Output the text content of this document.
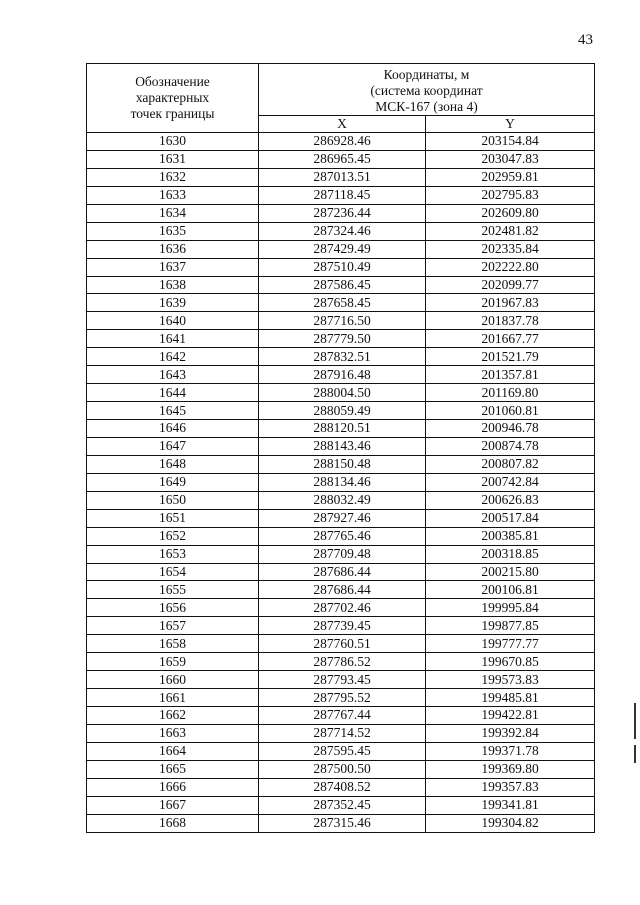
43
Обозначение
характерных
точек границы	Координаты, м
(система координат
МСК-167 (зона 4)	
	X	Y
1630	286928.46	203154.84
1631	286965.45	203047.83
1632	287013.51	202959.81
1633	287118.45	202795.83
1634	287236.44	202609.80
1635	287324.46	202481.82
1636	287429.49	202335.84
1637	287510.49	202222.80
1638	287586.45	202099.77
1639	287658.45	201967.83
1640	287716.50	201837.78
1641	287779.50	201667.77
1642	287832.51	201521.79
1643	287916.48	201357.81
1644	288004.50	201169.80
1645	288059.49	201060.81
1646	288120.51	200946.78
1647	288143.46	200874.78
1648	288150.48	200807.82
1649	288134.46	200742.84
1650	288032.49	200626.83
1651	287927.46	200517.84
1652	287765.46	200385.81
1653	287709.48	200318.85
1654	287686.44	200215.80
1655	287686.44	200106.81
1656	287702.46	199995.84
1657	287739.45	199877.85
1658	287760.51	199777.77
1659	287786.52	199670.85
1660	287793.45	199573.83
1661	287795.52	199485.81
1662	287767.44	199422.81
1663	287714.52	199392.84
1664	287595.45	199371.78
1665	287500.50	199369.80
1666	287408.52	199357.83
1667	287352.45	199341.81
1668	287315.46	199304.82
